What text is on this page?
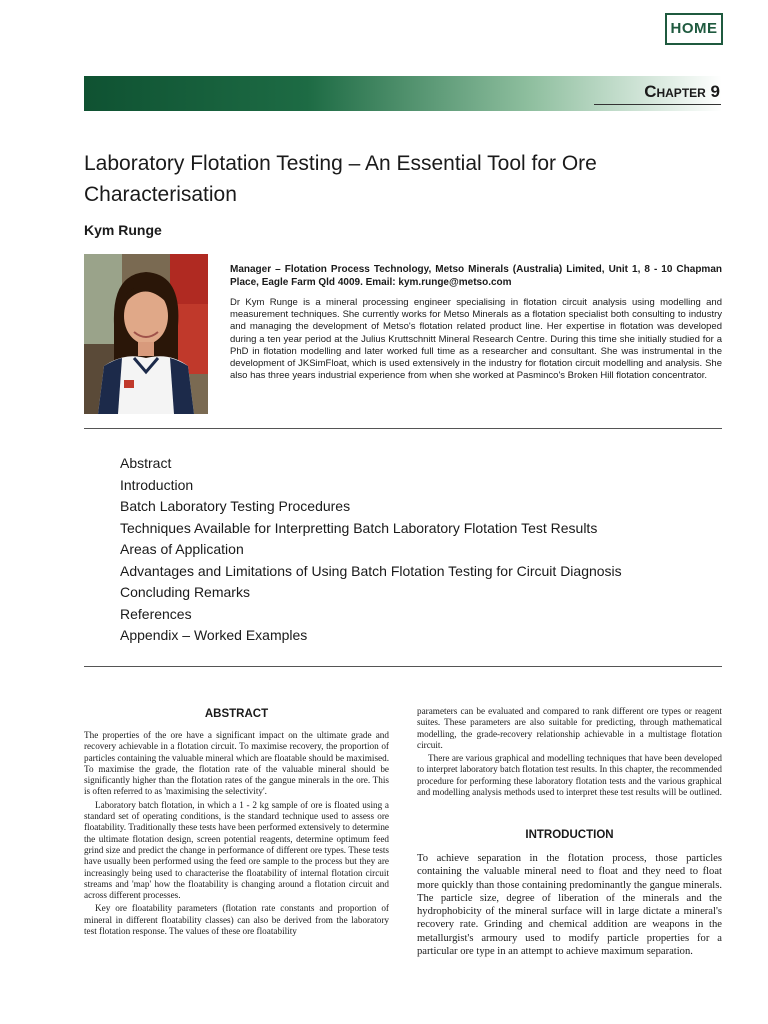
HOME
Chapter 9
Laboratory Flotation Testing – An Essential Tool for Ore Characterisation
Kym Runge
Manager – Flotation Process Technology, Metso Minerals (Australia) Limited, Unit 1, 8 - 10 Chapman Place, Eagle Farm Qld 4009. Email: kym.runge@metso.com
Dr Kym Runge is a mineral processing engineer specialising in flotation circuit analysis using modelling and measurement techniques. She currently works for Metso Minerals as a flotation specialist both consulting to industry and managing the development of Metso's flotation related product line. Her expertise in flotation was developed during a ten year period at the Julius Kruttschnitt Mineral Research Centre. During this time she initially studied for a PhD in flotation modelling and later worked full time as a researcher and consultant. She was instrumental in the development of JKSimFloat, which is used extensively in the industry for flotation circuit modelling and analysis. She also has three years industrial experience from when she worked at Pasminco's Broken Hill flotation concentrator.
Abstract
Introduction
Batch Laboratory Testing Procedures
Techniques Available for Interpretting Batch Laboratory Flotation Test Results
Areas of Application
Advantages and Limitations of Using Batch Flotation Testing for Circuit Diagnosis
Concluding Remarks
References
Appendix – Worked Examples
ABSTRACT

The properties of the ore have a significant impact on the ultimate grade and recovery achievable in a flotation circuit. To maximise recovery, the proportion of particles containing the valuable mineral which are floatable should be maximised. To maximise the grade, the flotation rate of the valuable mineral should be significantly higher than the flotation rates of the gangue minerals in the ore. This is often referred to as 'maximising the selectivity'.

Laboratory batch flotation, in which a 1 - 2 kg sample of ore is floated using a standard set of operating conditions, is the standard technique used to assess ore floatability. Traditionally these tests have been performed extensively to determine the ultimate flotation design, screen potential reagents, determine optimum feed grind size and predict the change in performance of different ore types. These tests have usually been performed using the feed ore sample to the process but they are increasingly being used to characterise the floatability of internal flotation circuit streams and 'map' how the floatability is changing around a flotation circuit and across different processes.

Key ore floatability parameters (flotation rate constants and proportion of mineral in different floatability classes) can also be derived from the laboratory test flotation response. The values of these ore floatability

parameters can be evaluated and compared to rank different ore types or reagent suites. These parameters are also suitable for predicting, through mathematical modelling, the grade-recovery relationship achievable in a multistage flotation circuit.

There are various graphical and modelling techniques that have been developed to interpret laboratory batch flotation test results. In this chapter, the recommended procedure for performing these laboratory flotation tests and the various graphical and modelling analysis methods used to interpret these test results will be outlined.

INTRODUCTION

To achieve separation in the flotation process, those particles containing the valuable mineral need to float and they need to float more quickly than those containing predominantly the gangue minerals. The particle size, degree of liberation of the minerals and the hydrophobicity of the mineral surface will in large dictate a mineral's recovery rate. Grinding and chemical addition are weapons in the metallurgist's armoury used to modify particle properties for a particular ore type in an attempt to achieve maximum separation.
